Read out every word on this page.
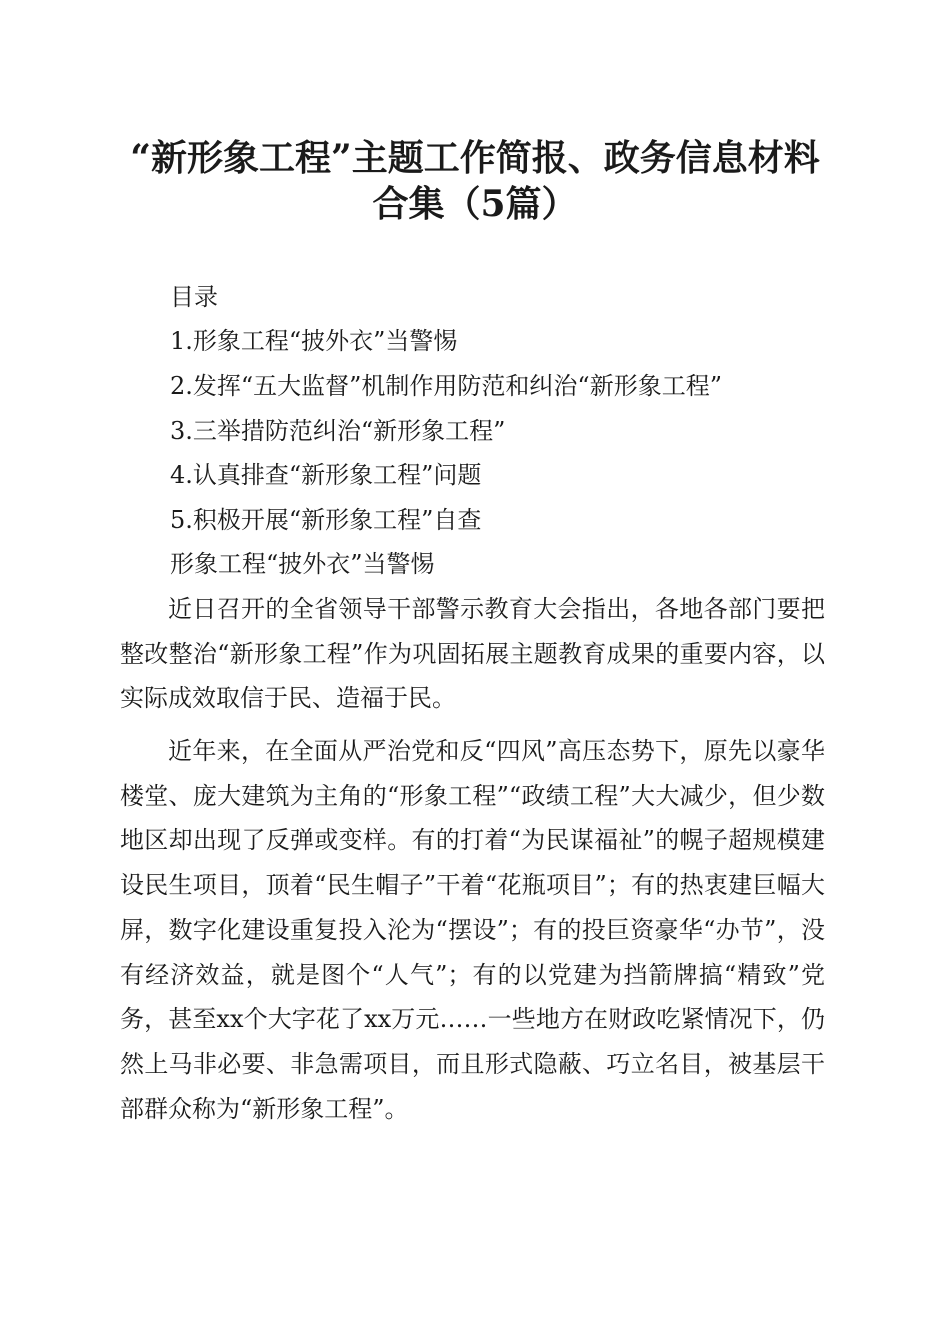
“新形象工程”主题工作简报、政务信息材料
合集（5篇）
目录
1.形象工程“披外衣”当警惕
2.发挥“五大监督”机制作用防范和纠治“新形象工程”
3.三举措防范纠治“新形象工程”
4.认真排查“新形象工程”问题
5.积极开展“新形象工程”自查
形象工程“披外衣”当警惕

近日召开的全省领导干部警示教育大会指出，各地各部门要把整改整治“新形象工程”作为巩固拓展主题教育成果的重要内容，以实际成效取信于民、造福于民。

近年来，在全面从严治党和反“四风”高压态势下，原先以豪华楼堂、庞大建筑为主角的“形象工程”“政绩工程”大大减少，但少数地区却出现了反弹或变样。有的打着“为民谋福祉”的幌子超规模建设民生项目，顶着“民生帽子”干着“花瓶项目”；有的热衷建巨幅大屏，数字化建设重复投入沦为“摆设”；有的投巨资豪华“办节”，没有经济效益，就是图个“人气”；有的以党建为挡箭牌搞“精致”党务，甚至xx个大字花了xx万元……一些地方在财政吃紧情况下，仍然上马非必要、非急需项目，而且形式隐蔽、巧立名目，被基层干部群众称为“新形象工程”。
